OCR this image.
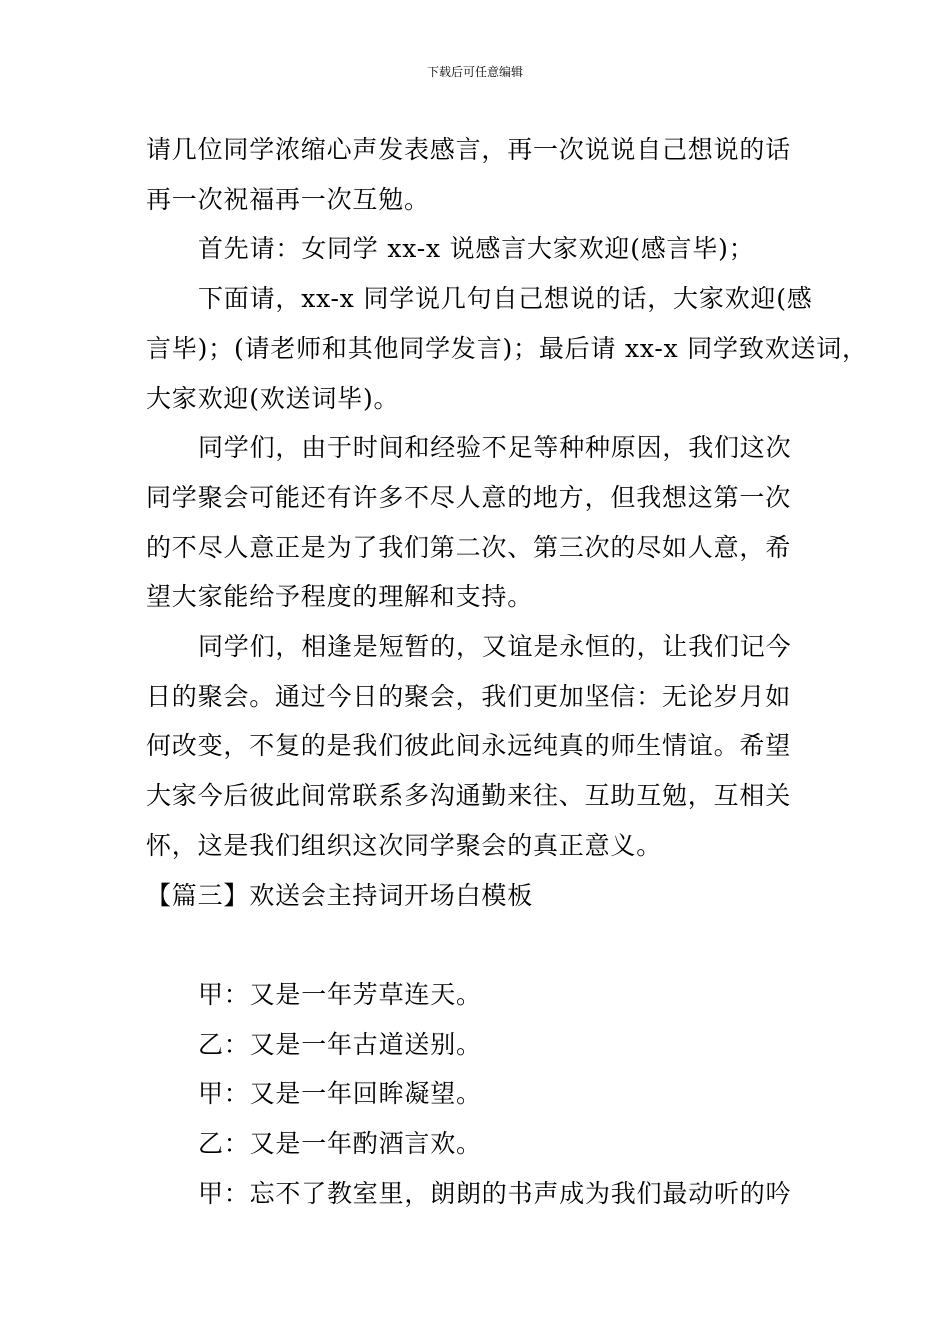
下载后可任意编辑

请几位同学浓缩心声发表感言，再一次说说自己想说的话

再一次祝福再一次互勉。

首先请：女同学 xx-x 说感言大家欢迎(感言毕)；

下面请，xx-x 同学说几句自己想说的话，大家欢迎(感

言毕)；(请老师和其他同学发言)；最后请 xx-x 同学致欢送词，

大家欢迎(欢送词毕)。

同学们，由于时间和经验不足等种种原因，我们这次

同学聚会可能还有许多不尽人意的地方，但我想这第一次

的不尽人意正是为了我们第二次、第三次的尽如人意，希

望大家能给予程度的理解和支持。

同学们，相逢是短暂的，又谊是永恒的，让我们记今

日的聚会。通过今日的聚会，我们更加坚信：无论岁月如

何改变，不复的是我们彼此间永远纯真的师生情谊。希望

大家今后彼此间常联系多沟通勤来往、互助互勉，互相关

怀，这是我们组织这次同学聚会的真正意义。

【篇三】欢送会主持词开场白模板

甲：又是一年芳草连天。

乙：又是一年古道送别。

甲：又是一年回眸凝望。

乙：又是一年酌酒言欢。

甲：忘不了教室里，朗朗的书声成为我们最动听的吟
